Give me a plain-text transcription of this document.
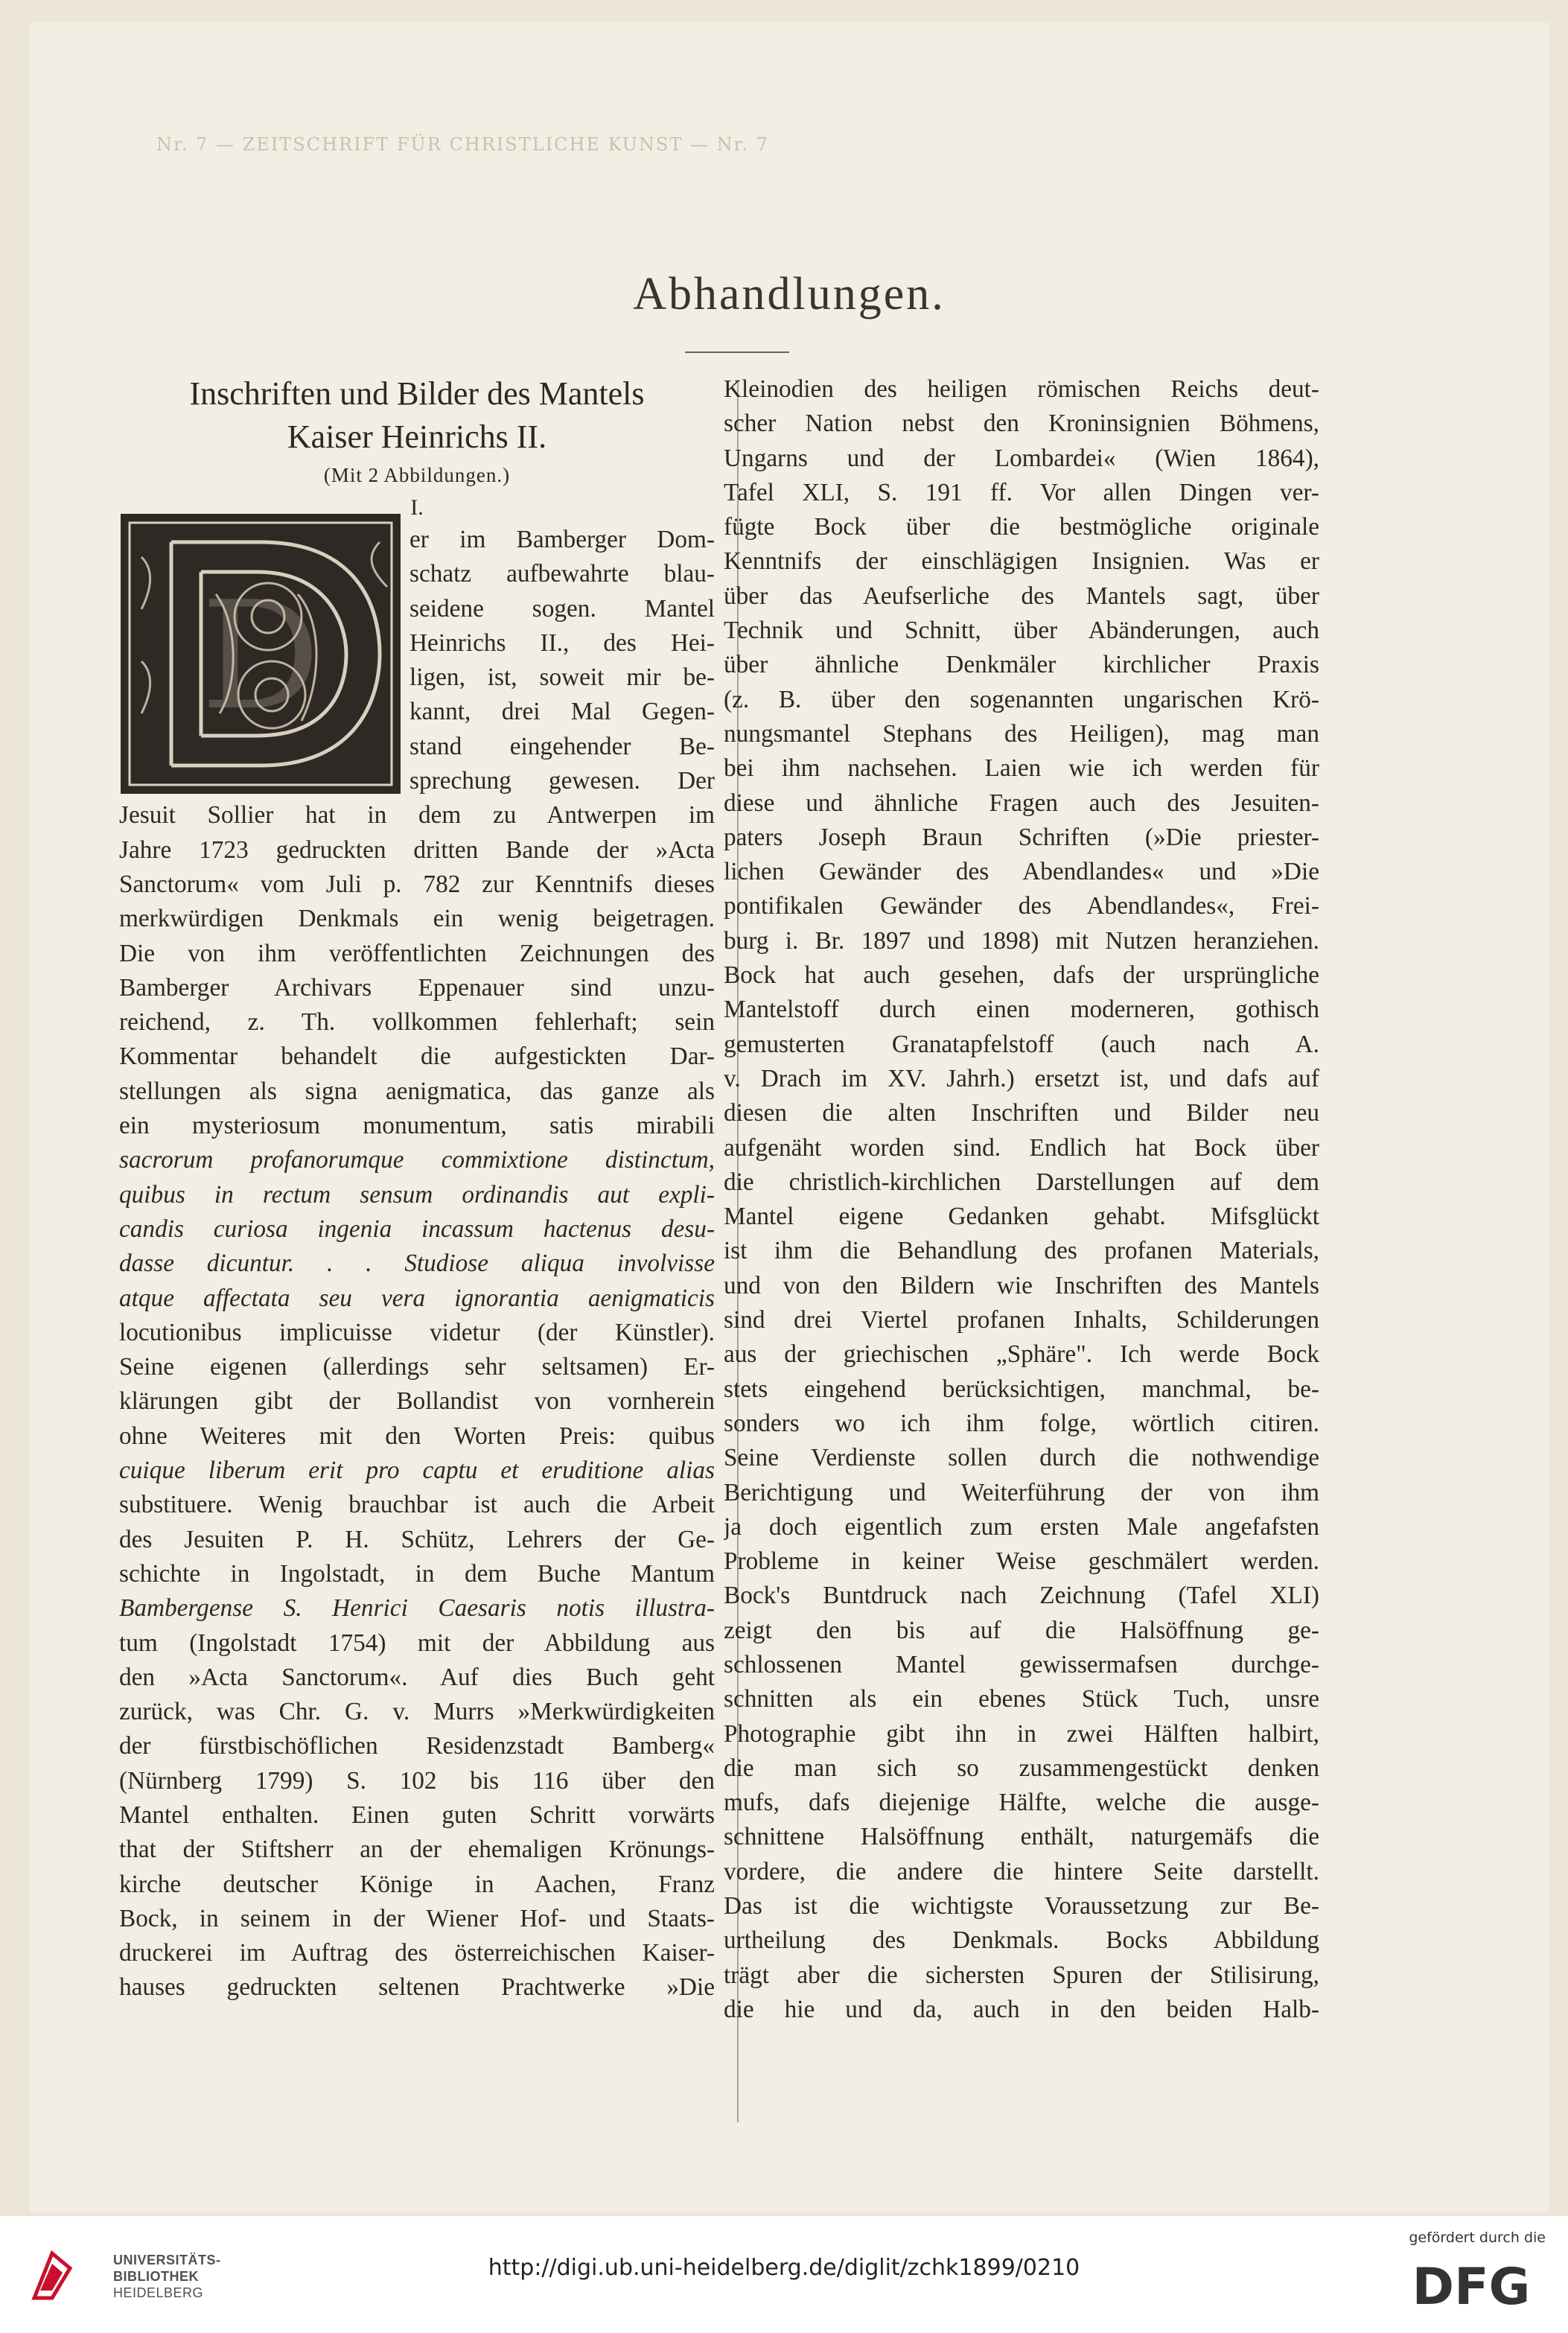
Nr. 7 — ZEITSCHRIFT FÜR CHRISTLICHE KUNST — Nr. 7
Abhandlungen.
D
Inschriften und Bilder des Mantels
Kaiser Heinrichs II.
(Mit 2 Abbildungen.)
I.
er im Bamberger Dom-
schatz aufbewahrte blau-
seidene sogen. Mantel
Heinrichs II., des Hei-
ligen, ist, soweit mir be-
kannt, drei Mal Gegen-
stand eingehender Be-
sprechung gewesen. Der
Jesuit Sollier hat in dem zu Antwerpen im
Jahre 1723 gedruckten dritten Bande der »Acta
Sanctorum« vom Juli p. 782 zur Kenntnifs dieses
merkwürdigen Denkmals ein wenig beigetragen.
Die von ihm veröffentlichten Zeichnungen des
Bamberger Archivars Eppenauer sind unzu-
reichend, z. Th. vollkommen fehlerhaft; sein
Kommentar behandelt die aufgestickten Dar-
stellungen als signa aenigmatica, das ganze als
ein mysteriosum monumentum, satis mirabili
sacrorum profanorumque commixtione distinctum,
quibus in rectum sensum ordinandis aut expli-
candis curiosa ingenia incassum hactenus desu-
dasse dicuntur. . . Studiose aliqua involvisse
atque affectata seu vera ignorantia aenigmaticis
locutionibus implicuisse videtur (der Künstler).
Seine eigenen (allerdings sehr seltsamen) Er-
klärungen gibt der Bollandist von vornherein
ohne Weiteres mit den Worten Preis: quibus
cuique liberum erit pro captu et eruditione alias
substituere. Wenig brauchbar ist auch die Arbeit
des Jesuiten P. H. Schütz, Lehrers der Ge-
schichte in Ingolstadt, in dem Buche Mantum
Bambergense S. Henrici Caesaris notis illustra-
tum (Ingolstadt 1754) mit der Abbildung aus
den »Acta Sanctorum«. Auf dies Buch geht
zurück, was Chr. G. v. Murrs »Merkwürdigkeiten
der fürstbischöflichen Residenzstadt Bamberg«
(Nürnberg 1799) S. 102 bis 116 über den
Mantel enthalten. Einen guten Schritt vorwärts
that der Stiftsherr an der ehemaligen Krönungs-
kirche deutscher Könige in Aachen, Franz
Bock, in seinem in der Wiener Hof- und Staats-
druckerei im Auftrag des österreichischen Kaiser-
hauses gedruckten seltenen Prachtwerke »Die
Kleinodien des heiligen römischen Reichs deut-
scher Nation nebst den Kroninsignien Böhmens,
Ungarns und der Lombardei« (Wien 1864),
Tafel XLI, S. 191 ff. Vor allen Dingen ver-
fügte Bock über die bestmögliche originale
Kenntnifs der einschlägigen Insignien. Was er
über das Aeufserliche des Mantels sagt, über
Technik und Schnitt, über Abänderungen, auch
über ähnliche Denkmäler kirchlicher Praxis
(z. B. über den sogenannten ungarischen Krö-
nungsmantel Stephans des Heiligen), mag man
bei ihm nachsehen. Laien wie ich werden für
diese und ähnliche Fragen auch des Jesuiten-
paters Joseph Braun Schriften (»Die priester-
lichen Gewänder des Abendlandes« und »Die
pontifikalen Gewänder des Abendlandes«, Frei-
burg i. Br. 1897 und 1898) mit Nutzen heranziehen.
Bock hat auch gesehen, dafs der ursprüngliche
Mantelstoff durch einen moderneren, gothisch
gemusterten Granatapfelstoff (auch nach A.
v. Drach im XV. Jahrh.) ersetzt ist, und dafs auf
diesen die alten Inschriften und Bilder neu
aufgenäht worden sind. Endlich hat Bock über
die christlich-kirchlichen Darstellungen auf dem
Mantel eigene Gedanken gehabt. Mifsglückt
ist ihm die Behandlung des profanen Materials,
und von den Bildern wie Inschriften des Mantels
sind drei Viertel profanen Inhalts, Schilderungen
aus der griechischen „Sphäre". Ich werde Bock
stets eingehend berücksichtigen, manchmal, be-
sonders wo ich ihm folge, wörtlich citiren.
Seine Verdienste sollen durch die nothwendige
Berichtigung und Weiterführung der von ihm
ja doch eigentlich zum ersten Male angefafsten
Probleme in keiner Weise geschmälert werden.
Bock's Buntdruck nach Zeichnung (Tafel XLI)
zeigt den bis auf die Halsöffnung ge-
schlossenen Mantel gewissermafsen durchge-
schnitten als ein ebenes Stück Tuch, unsre
Photographie gibt ihn in zwei Hälften halbirt,
die man sich so zusammengestückt denken
mufs, dafs diejenige Hälfte, welche die ausge-
schnittene Halsöffnung enthält, naturgemäfs die
vordere, die andere die hintere Seite darstellt.
Das ist die wichtigste Voraussetzung zur Be-
urtheilung des Denkmals. Bocks Abbildung
trägt aber die sichersten Spuren der Stilisirung,
die hie und da, auch in den beiden Halb-
UNIVERSITÄTS-
BIBLIOTHEK
HEIDELBERG
http://digi.ub.uni-heidelberg.de/diglit/zchk1899/0210
gefördert durch die
DFG
